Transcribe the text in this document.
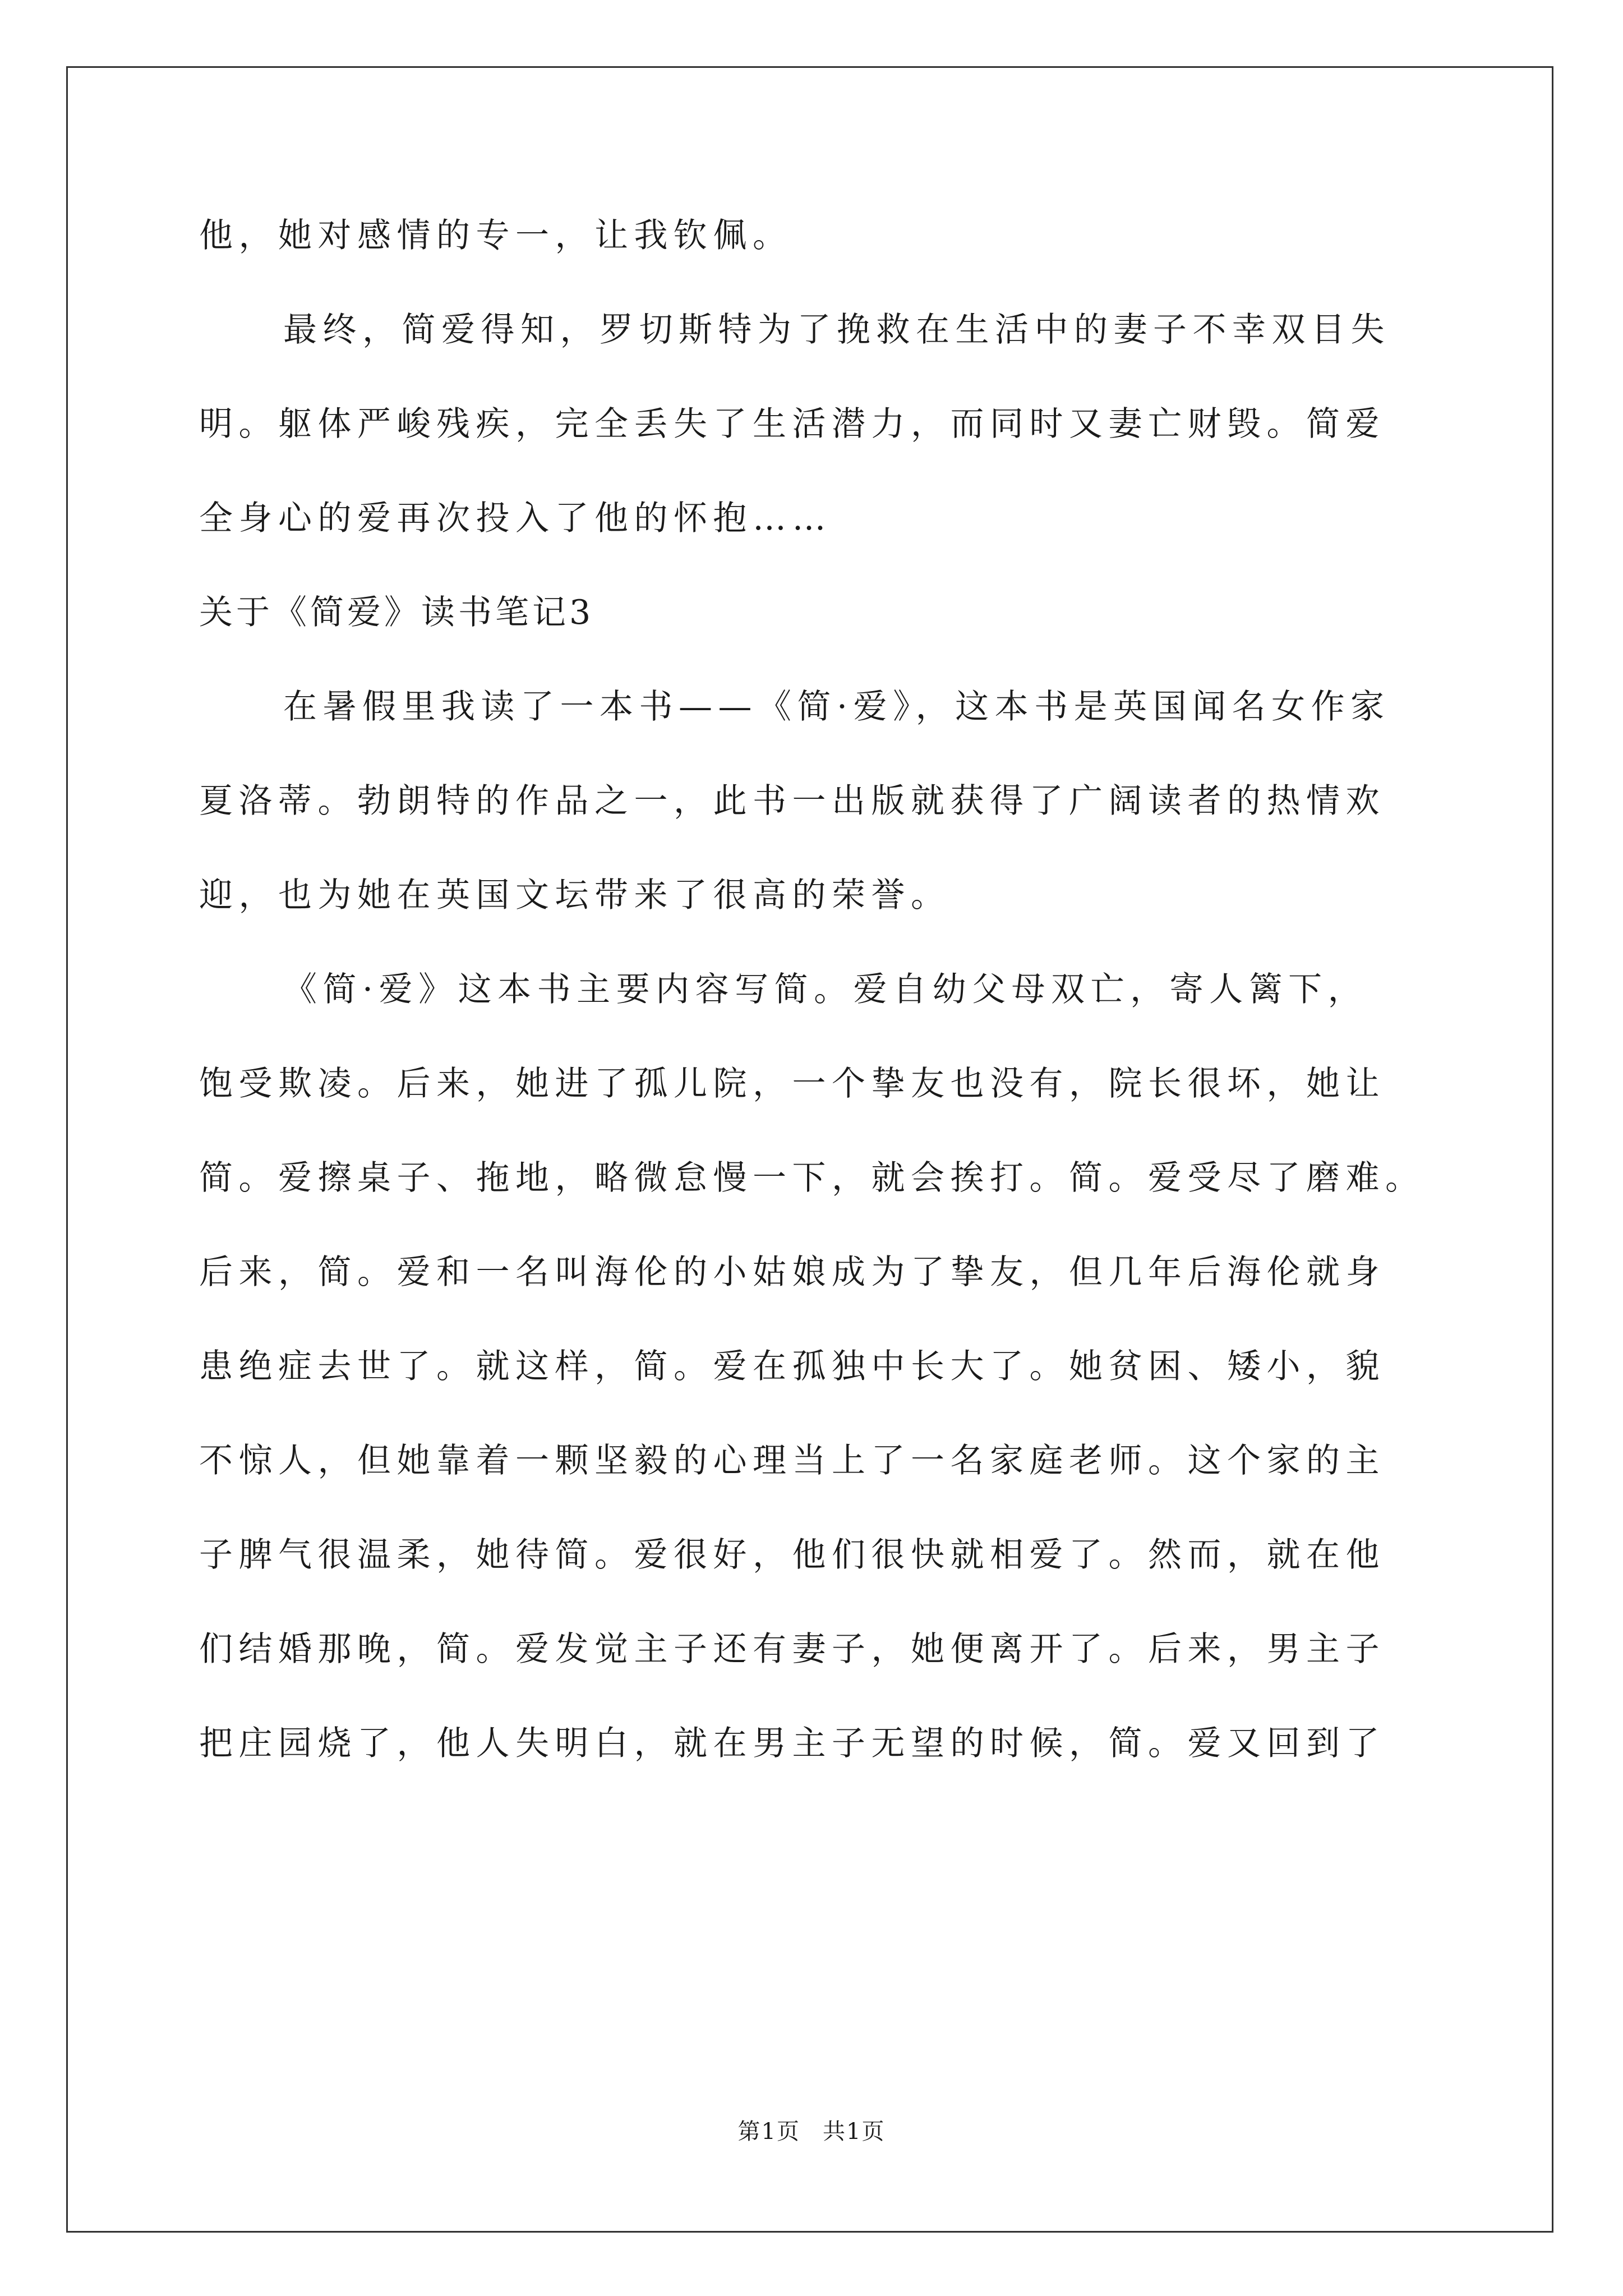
他，她对感情的专一，让我钦佩。
最终，简爱得知，罗切斯特为了挽救在生活中的妻子不幸双目失
明。躯体严峻残疾，完全丢失了生活潜力，而同时又妻亡财毁。简爱
全身心的爱再次投入了他的怀抱……
关于《简爱》读书笔记3
在暑假里我读了一本书——《简·爱》，这本书是英国闻名女作家
夏洛蒂。勃朗特的作品之一，此书一出版就获得了广阔读者的热情欢
迎，也为她在英国文坛带来了很高的荣誉。
《简·爱》这本书主要内容写简。爱自幼父母双亡，寄人篱下，
饱受欺凌。后来，她进了孤儿院，一个挚友也没有，院长很坏，她让
简。爱擦桌子、拖地，略微怠慢一下，就会挨打。简。爱受尽了磨难。
后来，简。爱和一名叫海伦的小姑娘成为了挚友，但几年后海伦就身
患绝症去世了。就这样，简。爱在孤独中长大了。她贫困、矮小，貌
不惊人，但她靠着一颗坚毅的心理当上了一名家庭老师。这个家的主
子脾气很温柔，她待简。爱很好，他们很快就相爱了。然而，就在他
们结婚那晚，简。爱发觉主子还有妻子，她便离开了。后来，男主子
把庄园烧了，他人失明白，就在男主子无望的时候，简。爱又回到了
第1页 共1页
